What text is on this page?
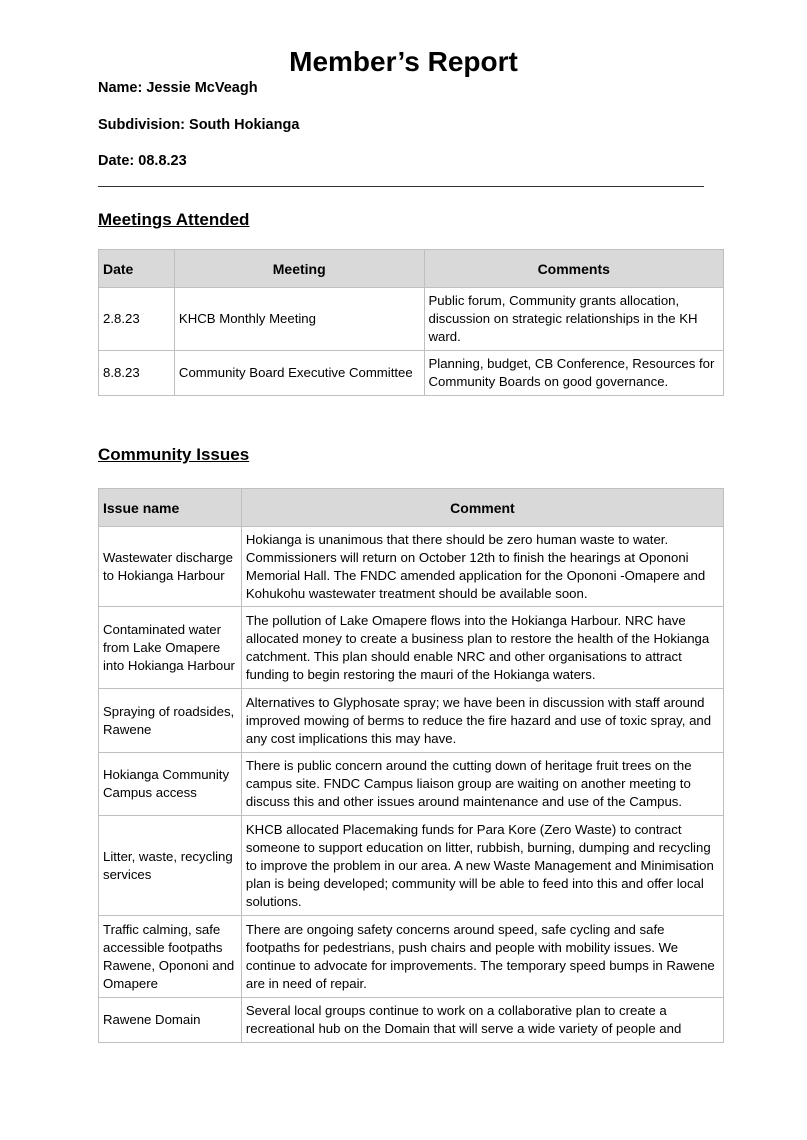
Member’s Report
Name: Jessie McVeagh
Subdivision: South Hokianga
Date: 08.8.23
Meetings Attended
Date	Meeting	Comments
2.8.23	KHCB Monthly Meeting	Public forum, Community grants allocation, discussion on strategic relationships in the KH ward.
8.8.23	Community Board Executive Committee	Planning, budget, CB Conference, Resources for Community Boards on good governance.
Community Issues
Issue name	Comment
Wastewater discharge to Hokianga Harbour	Hokianga is unanimous that there should be zero human waste to water. Commissioners will return on October 12th to finish the hearings at Opononi Memorial Hall. The FNDC amended application for the Opononi -Omapere and Kohukohu wastewater treatment should be available soon.
Contaminated water from Lake Omapere into Hokianga Harbour	The pollution of Lake Omapere flows into the Hokianga Harbour. NRC have allocated money to create a business plan to restore the health of the Hokianga catchment. This plan should enable NRC and other organisations to attract funding to begin restoring the mauri of the Hokianga waters.
Spraying of roadsides, Rawene	Alternatives to Glyphosate spray; we have been in discussion with staff around improved mowing of berms to reduce the fire hazard and use of toxic spray, and any cost implications this may have.
Hokianga Community Campus access	There is public concern around the cutting down of heritage fruit trees on the campus site. FNDC Campus liaison group are waiting on another meeting to discuss this and other issues around maintenance and use of the Campus.
Litter, waste, recycling services	KHCB allocated Placemaking funds for Para Kore (Zero Waste) to contract someone to support education on litter, rubbish, burning, dumping and recycling to improve the problem in our area. A new Waste Management and Minimisation plan is being developed; community will be able to feed into this and offer local solutions.
Traffic calming, safe accessible footpaths Rawene, Opononi and Omapere	There are ongoing safety concerns around speed, safe cycling and safe footpaths for pedestrians, push chairs and people with mobility issues. We continue to advocate for improvements. The temporary speed bumps in Rawene are in need of repair.
Rawene Domain	Several local groups continue to work on a collaborative plan to create a recreational hub on the Domain that will serve a wide variety of people and
